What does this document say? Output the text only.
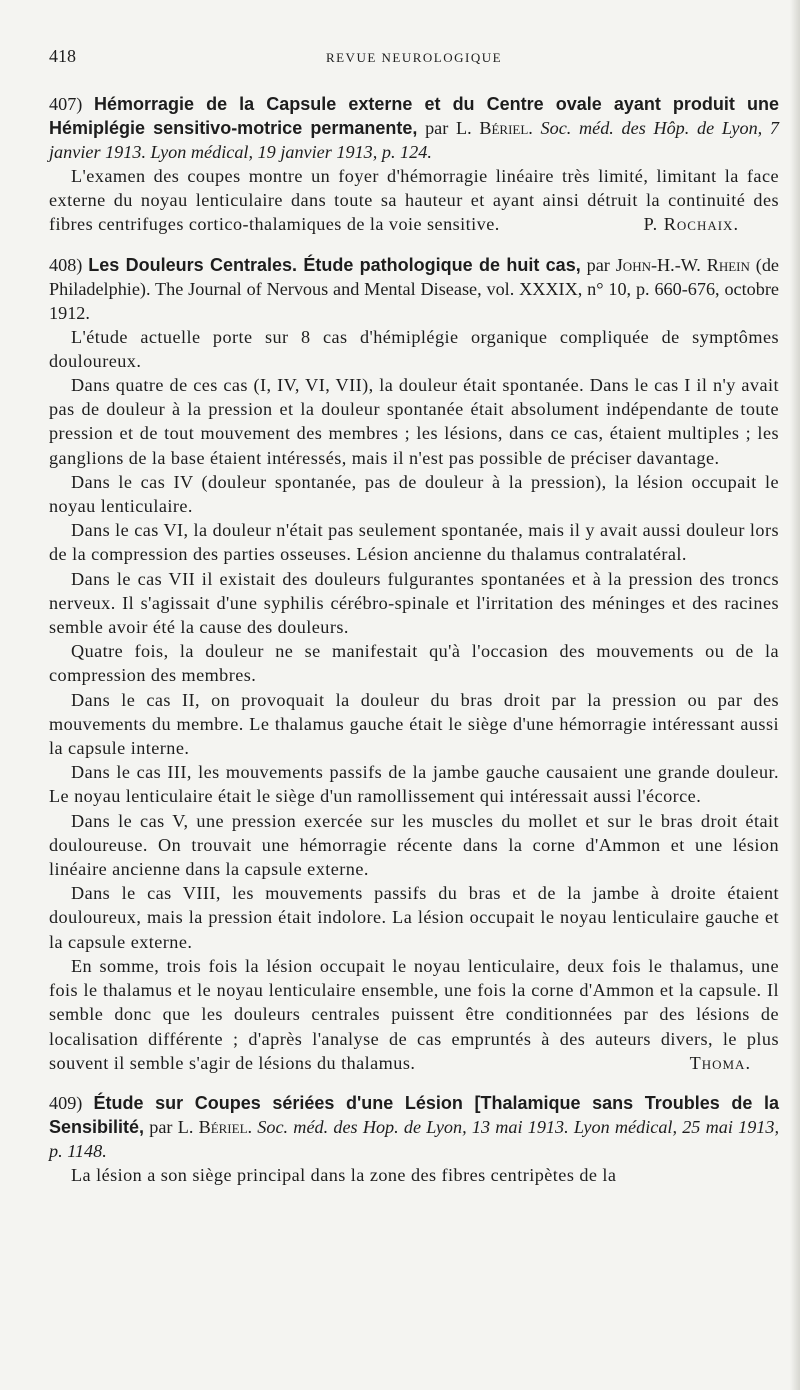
418	REVUE NEUROLOGIQUE
407) Hémorragie de la Capsule externe et du Centre ovale ayant produit une Hémiplégie sensitivo-motrice permanente, par L. Bériel. Soc. méd. des Hôp. de Lyon, 7 janvier 1913. Lyon médical, 19 janvier 1913, p. 124.

L'examen des coupes montre un foyer d'hémorragie linéaire très limité, limitant la face externe du noyau lenticulaire dans toute sa hauteur et ayant ainsi détruit la continuité des fibres centrifuges cortico-thalamiques de la voie sensitive.	P. Rochaix.

408) Les Douleurs Centrales. Étude pathologique de huit cas, par John-H.-W. Rhein (de Philadelphie). The Journal of Nervous and Mental Disease, vol. XXXIX, n° 10, p. 660-676, octobre 1912.

L'étude actuelle porte sur 8 cas d'hémiplégie organique compliquée de symptômes douloureux.

Dans quatre de ces cas (I, IV, VI, VII), la douleur était spontanée. Dans le cas I il n'y avait pas de douleur à la pression et la douleur spontanée était absolument indépendante de toute pression et de tout mouvement des membres ; les lésions, dans ce cas, étaient multiples ; les ganglions de la base étaient intéressés, mais il n'est pas possible de préciser davantage.

Dans le cas IV (douleur spontanée, pas de douleur à la pression), la lésion occupait le noyau lenticulaire.

Dans le cas VI, la douleur n'était pas seulement spontanée, mais il y avait aussi douleur lors de la compression des parties osseuses. Lésion ancienne du thalamus contralatéral.

Dans le cas VII il existait des douleurs fulgurantes spontanées et à la pression des troncs nerveux. Il s'agissait d'une syphilis cérébro-spinale et l'irritation des méninges et des racines semble avoir été la cause des douleurs.

Quatre fois, la douleur ne se manifestait qu'à l'occasion des mouvements ou de la compression des membres.

Dans le cas II, on provoquait la douleur du bras droit par la pression ou par des mouvements du membre. Le thalamus gauche était le siège d'une hémorragie intéressant aussi la capsule interne.

Dans le cas III, les mouvements passifs de la jambe gauche causaient une grande douleur. Le noyau lenticulaire était le siège d'un ramollissement qui intéressait aussi l'écorce.

Dans le cas V, une pression exercée sur les muscles du mollet et sur le bras droit était douloureuse. On trouvait une hémorragie récente dans la corne d'Ammon et une lésion linéaire ancienne dans la capsule externe.

Dans le cas VIII, les mouvements passifs du bras et de la jambe à droite étaient douloureux, mais la pression était indolore. La lésion occupait le noyau lenticulaire gauche et la capsule externe.

En somme, trois fois la lésion occupait le noyau lenticulaire, deux fois le thalamus, une fois le thalamus et le noyau lenticulaire ensemble, une fois la corne d'Ammon et la capsule. Il semble donc que les douleurs centrales puissent être conditionnées par des lésions de localisation différente ; d'après l'analyse de cas empruntés à des auteurs divers, le plus souvent il semble s'agir de lésions du thalamus.	Thoma.

409) Étude sur Coupes sériées d'une Lésion [Thalamique sans Troubles de la Sensibilité, par L. Bériel. Soc. méd. des Hop. de Lyon, 13 mai 1913. Lyon médical, 25 mai 1913, p. 1148.

La lésion a son siège principal dans la zone des fibres centripètes de la
